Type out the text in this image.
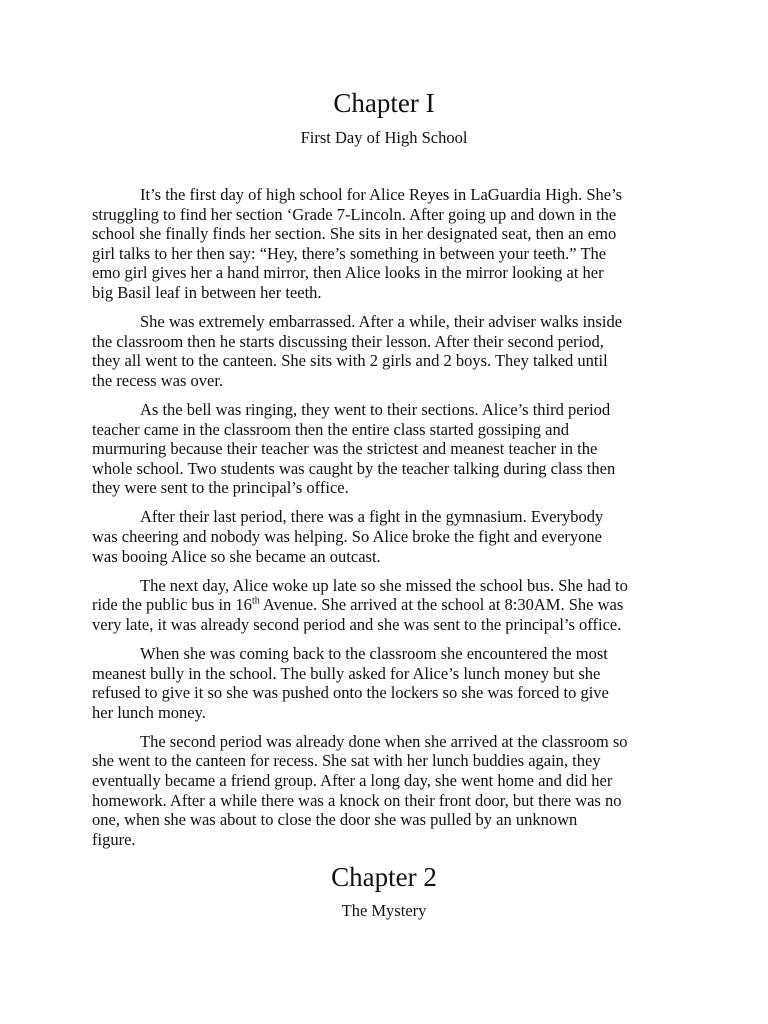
Chapter I
First Day of High School

It’s the first day of high school for Alice Reyes in LaGuardia High. She’s
struggling to find her section ‘Grade 7-Lincoln. After going up and down in the
school she finally finds her section. She sits in her designated seat, then an emo
girl talks to her then say: “Hey, there’s something in between your teeth.” The
emo girl gives her a hand mirror, then Alice looks in the mirror looking at her
big Basil leaf in between her teeth.

She was extremely embarrassed. After a while, their adviser walks inside
the classroom then he starts discussing their lesson. After their second period,
they all went to the canteen. She sits with 2 girls and 2 boys. They talked until
the recess was over.

As the bell was ringing, they went to their sections. Alice’s third period
teacher came in the classroom then the entire class started gossiping and
murmuring because their teacher was the strictest and meanest teacher in the
whole school. Two students was caught by the teacher talking during class then
they were sent to the principal’s office.

After their last period, there was a fight in the gymnasium. Everybody
was cheering and nobody was helping. So Alice broke the fight and everyone
was booing Alice so she became an outcast.

The next day, Alice woke up late so she missed the school bus. She had to
ride the public bus in 16th Avenue. She arrived at the school at 8:30AM. She was
very late, it was already second period and she was sent to the principal’s office.

When she was coming back to the classroom she encountered the most
meanest bully in the school. The bully asked for Alice’s lunch money but she
refused to give it so she was pushed onto the lockers so she was forced to give
her lunch money.

The second period was already done when she arrived at the classroom so
she went to the canteen for recess. She sat with her lunch buddies again, they
eventually became a friend group. After a long day, she went home and did her
homework. After a while there was a knock on their front door, but there was no
one, when she was about to close the door she was pulled by an unknown
figure.

Chapter 2
The Mystery
